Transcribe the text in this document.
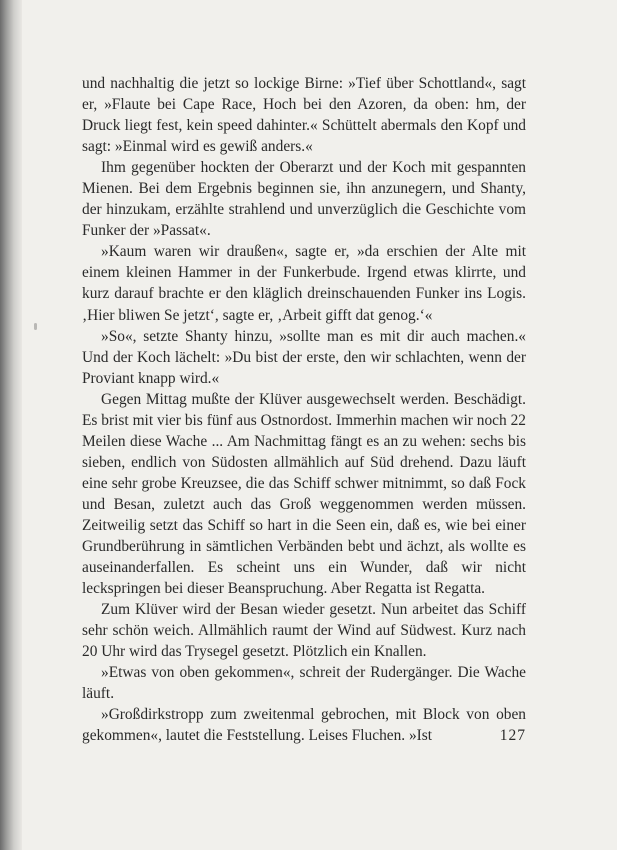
und nachhaltig die jetzt so lockige Birne: »Tief über Schottland«, sagt er, »Flaute bei Cape Race, Hoch bei den Azoren, da oben: hm, der Druck liegt fest, kein speed dahinter.« Schüttelt abermals den Kopf und sagt: »Einmal wird es gewiß anders.«

Ihm gegenüber hockten der Oberarzt und der Koch mit gespannten Mienen. Bei dem Ergebnis beginnen sie, ihn anzunegern, und Shanty, der hinzukam, erzählte strahlend und unverzüglich die Geschichte vom Funker der »Passat«.

»Kaum waren wir draußen«, sagte er, »da erschien der Alte mit einem kleinen Hammer in der Funkerbude. Irgend etwas klirrte, und kurz darauf brachte er den kläglich dreinschauenden Funker ins Logis. ‚Hier bliwen Se jetzt‘, sagte er, ‚Arbeit gifft dat genog.‘«

»So«, setzte Shanty hinzu, »sollte man es mit dir auch machen.« Und der Koch lächelt: »Du bist der erste, den wir schlachten, wenn der Proviant knapp wird.«

Gegen Mittag mußte der Klüver ausgewechselt werden. Beschädigt. Es brist mit vier bis fünf aus Ostnordost. Immerhin machen wir noch 22 Meilen diese Wache ... Am Nachmittag fängt es an zu wehen: sechs bis sieben, endlich von Südosten allmählich auf Süd drehend. Dazu läuft eine sehr grobe Kreuzsee, die das Schiff schwer mitnimmt, so daß Fock und Besan, zuletzt auch das Groß weggenommen werden müssen. Zeitweilig setzt das Schiff so hart in die Seen ein, daß es, wie bei einer Grundberührung in sämtlichen Verbänden bebt und ächzt, als wollte es auseinanderfallen. Es scheint uns ein Wunder, daß wir nicht leckspringen bei dieser Beanspruchung. Aber Regatta ist Regatta.

Zum Klüver wird der Besan wieder gesetzt. Nun arbeitet das Schiff sehr schön weich. Allmählich raumt der Wind auf Südwest. Kurz nach 20 Uhr wird das Trysegel gesetzt. Plötzlich ein Knallen.

»Etwas von oben gekommen«, schreit der Rudergänger. Die Wache läuft.

»Großdirkstropp zum zweitenmal gebrochen, mit Block von oben gekommen«, lautet die Feststellung. Leises Fluchen. »Ist	127
